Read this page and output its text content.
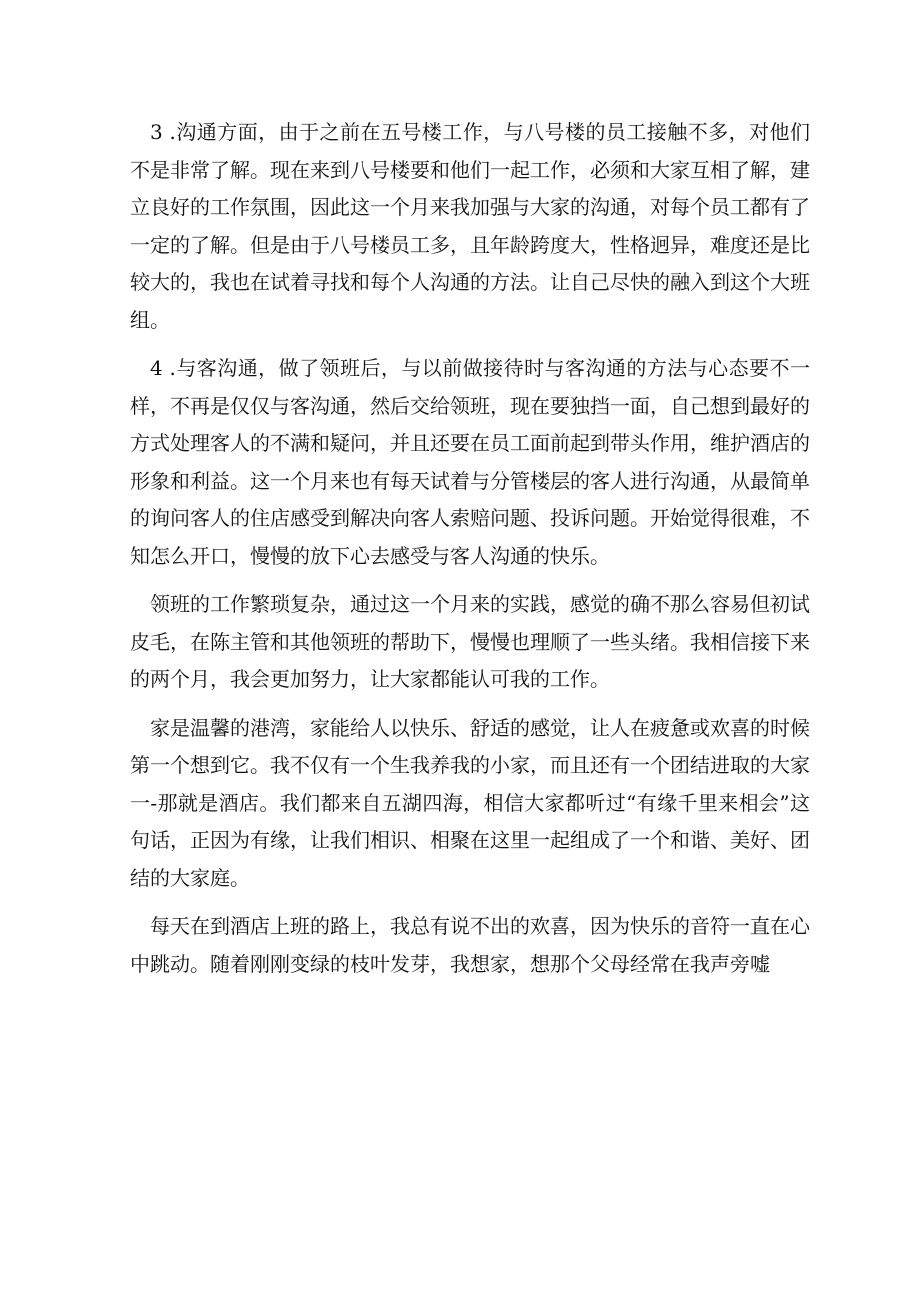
3 .沟通方面，由于之前在五号楼工作，与八号楼的员工接触不多，对他们不是非常了解。现在来到八号楼要和他们一起工作，必须和大家互相了解，建立良好的工作氛围，因此这一个月来我加强与大家的沟通，对每个员工都有了一定的了解。但是由于八号楼员工多，且年龄跨度大，性格迥异，难度还是比较大的，我也在试着寻找和每个人沟通的方法。让自己尽快的融入到这个大班组。

4 .与客沟通，做了领班后，与以前做接待时与客沟通的方法与心态要不一样，不再是仅仅与客沟通，然后交给领班，现在要独挡一面，自己想到最好的方式处理客人的不满和疑问，并且还要在员工面前起到带头作用，维护酒店的形象和利益。这一个月来也有每天试着与分管楼层的客人进行沟通，从最简单的询问客人的住店感受到解决向客人索赔问题、投诉问题。开始觉得很难，不知怎么开口，慢慢的放下心去感受与客人沟通的快乐。

领班的工作繁琐复杂，通过这一个月来的实践，感觉的确不那么容易但初试皮毛，在陈主管和其他领班的帮助下，慢慢也理顺了一些头绪。我相信接下来的两个月，我会更加努力，让大家都能认可我的工作。

家是温馨的港湾，家能给人以快乐、舒适的感觉，让人在疲惫或欢喜的时候第一个想到它。我不仅有一个生我养我的小家，而且还有一个团结进取的大家一-那就是酒店。我们都来自五湖四海，相信大家都听过“有缘千里来相会”这句话，正因为有缘，让我们相识、相聚在这里一起组成了一个和谐、美好、团结的大家庭。

每天在到酒店上班的路上，我总有说不出的欢喜，因为快乐的音符一直在心中跳动。随着刚刚变绿的枝叶发芽，我想家，想那个父母经常在我声旁嘘
